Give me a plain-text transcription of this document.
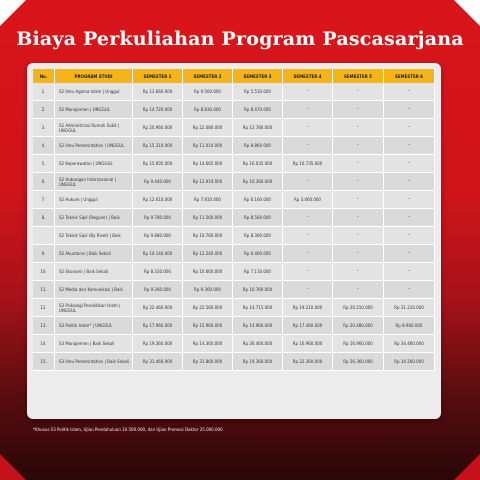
Biaya Perkuliahan Program Pascasarjana
No.	PROGRAM STUDI	SEMESTER 1	SEMESTER 2	SEMESTER 3	SEMESTER 4	SEMESTER 5	SEMESTER 6
1.	S2 Ilmu Agama Islam | Unggul	Rp 13.660.000	Rp 9.560.000	Rp 5.510.000	-	-	-
2.	S2 Manajemen | UNGGUL	Rp 14.720.000	Rp 8.830.000	Rp 8.470.000	-	-	-
3.	S2 Administrasi Rumah Sakit | UNGGUL	Rp 20.960.000	Rp 22.080.000	Rp 13.780.000	-	-	-
4.	S2 Ilmu Pemerintahan | UNGGUL	Rp 15.310.000	Rp 11.010.000	Rp 8.860.000	-	-	-
5.	S2 Keperawatan | UNGGUL	Rp 15.605.000	Rp 14.665.000	Rp 16.035.000	Rp 10.735.000	-	-
6.	S2 Hubungan Internasional | UNGGUL	Rp 9.440.000	Rp 12.910.000	Rp 10.360.000	-	-	-
7.	S2 Hukum | Unggul	Rp 12.610.000	Rp 7.810.000	Rp 6.160.000	Rp 3.460.000	-	-
8.	S2 Teknik Sipil (Reguler) | Baik	Rp 9.780.000	Rp 11.560.000	Rp 8.560.000	-	-	-
	S2 Teknik Sipil (By Riset) | Baik	Rp 9.880.000	Rp 10.760.000	Rp 8.360.000	-	-	-
9.	S2 Akuntansi | Baik Sekali	Rp 10.140.000	Rp 12.240.000	Rp 6.460.000	-	-	-
10.	S2 Ekonomi | Baik Sekali	Rp 8.310.000	Rp 10.660.000	Rp 7.110.000	-	-	-
11.	S2 Media dan Komunikasi | Baik	Rp 9.260.000	Rp 9.360.000	Rp 10.760.000	-	-	-
12.	S3 Psikologi Pendidikan Islam | UNGGUL	Rp 22.460.000	Rp 22.560.000	Rp 14.715.000	Rp 19.210.000	Rp 20.210.000	Rp 31.210.000
13.	S3 Politik Islam* | UNGGUL	Rp 17.960.000	Rp 15.960.000	Rp 14.960.000	Rp 17.460.000	Rp 20.480.000	Rp 8.960.000
14.	S3 Manajemen | Baik Sekali	Rp 19.360.000	Rp 14.360.000	Rp 26.460.000	Rp 16.960.000	Rp 16.960.000	Rp 34.460.000
15.	S3 Ilmu Pemerintahan | Baik Sekali	Rp 31.460.000	Rp 31.860.000	Rp 19.360.000	Rp 22.360.000	Rp 26.360.000	Rp 34.260.000
*Khusus S3 Politik Islam, Ujian Pendahuluan 10.500.000, dan Ujian Promosi Doktor 25.000.000
